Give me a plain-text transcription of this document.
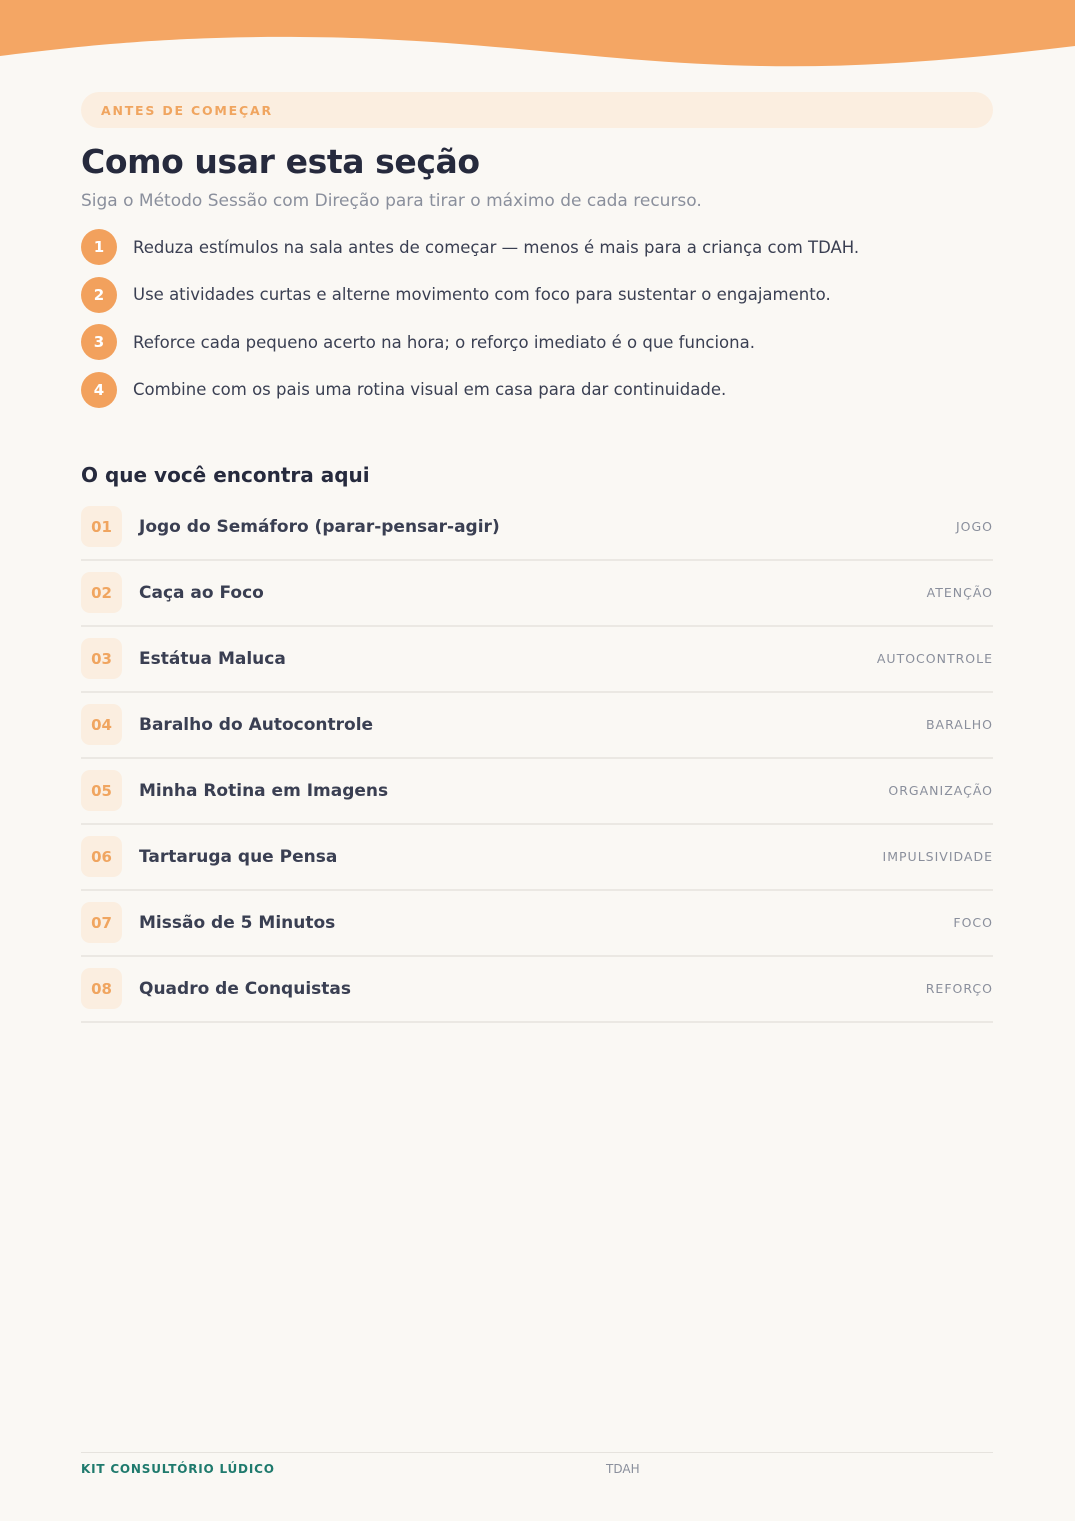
ANTES DE COMEÇAR
Como usar esta seção
Siga o Método Sessão com Direção para tirar o máximo de cada recurso.
1	Reduza estímulos na sala antes de começar — menos é mais para a criança com TDAH.
2	Use atividades curtas e alterne movimento com foco para sustentar o engajamento.
3	Reforce cada pequeno acerto na hora; o reforço imediato é o que funciona.
4	Combine com os pais uma rotina visual em casa para dar continuidade.
O que você encontra aqui
01	Jogo do Semáforo (parar-pensar-agir)	JOGO
02	Caça ao Foco	ATENÇÃO
03	Estátua Maluca	AUTOCONTROLE
04	Baralho do Autocontrole	BARALHO
05	Minha Rotina em Imagens	ORGANIZAÇÃO
06	Tartaruga que Pensa	IMPULSIVIDADE
07	Missão de 5 Minutos	FOCO
08	Quadro de Conquistas	REFORÇO
KIT CONSULTÓRIO LÚDICO	TDAH
